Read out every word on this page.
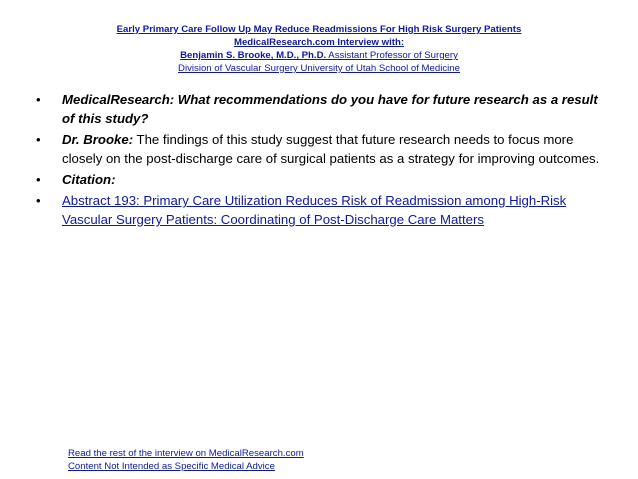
Early Primary Care Follow Up May Reduce Readmissions For High Risk Surgery Patients
MedicalResearch.com Interview with:
Benjamin S. Brooke, M.D., Ph.D. Assistant Professor of Surgery
Division of Vascular Surgery University of Utah School of Medicine
• MedicalResearch: What recommendations do you have for future research as a result of this study?
• Dr. Brooke: The findings of this study suggest that future research needs to focus more closely on the post-discharge care of surgical patients as a strategy for improving outcomes.
• Citation:
• Abstract 193: Primary Care Utilization Reduces Risk of Readmission among High-Risk Vascular Surgery Patients: Coordinating of Post-Discharge Care Matters
Read the rest of the interview on MedicalResearch.com
Content Not Intended as Specific Medical Advice
